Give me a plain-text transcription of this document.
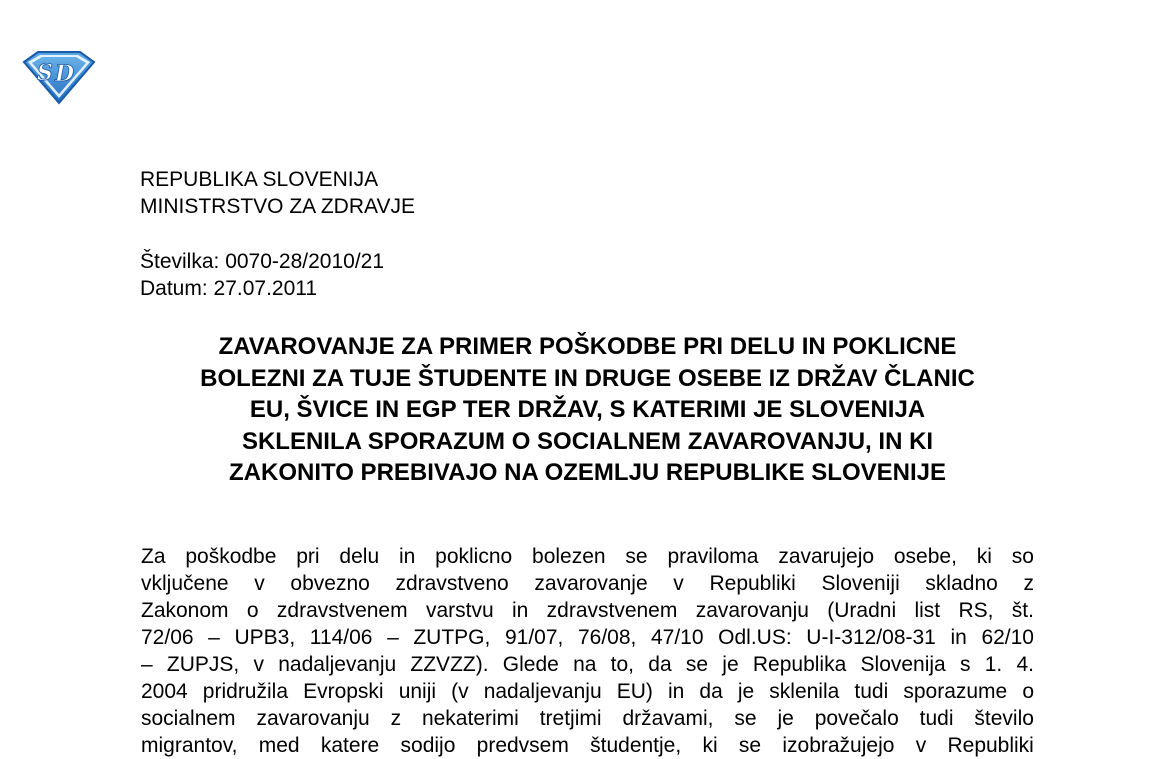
S D
REPUBLIKA SLOVENIJA
MINISTRSTVO ZA ZDRAVJE
Številka: 0070-28/2010/21
Datum: 27.07.2011
ZAVAROVANJE ZA PRIMER POŠKODBE PRI DELU IN POKLICNE
BOLEZNI ZA TUJE ŠTUDENTE IN DRUGE OSEBE IZ DRŽAV ČLANIC
EU, ŠVICE IN EGP TER DRŽAV, S KATERIMI JE SLOVENIJA
SKLENILA SPORAZUM O SOCIALNEM ZAVAROVANJU, IN KI
ZAKONITO PREBIVAJO NA OZEMLJU REPUBLIKE SLOVENIJE
Za poškodbe pri delu in poklicno bolezen se praviloma zavarujejo osebe, ki so
vključene v obvezno zdravstveno zavarovanje v Republiki Sloveniji skladno z
Zakonom o zdravstvenem varstvu in zdravstvenem zavarovanju (Uradni list RS, št.
72/06 – UPB3, 114/06 – ZUTPG, 91/07, 76/08, 47/10 Odl.US: U-I-312/08-31 in 62/10
– ZUPJS, v nadaljevanju ZZVZZ). Glede na to, da se je Republika Slovenija s 1. 4.
2004 pridružila Evropski uniji (v nadaljevanju EU) in da je sklenila tudi sporazume o
socialnem zavarovanju z nekaterimi tretjimi državami, se je povečalo tudi število
migrantov, med katere sodijo predvsem študentje, ki se izobražujejo v Republiki
